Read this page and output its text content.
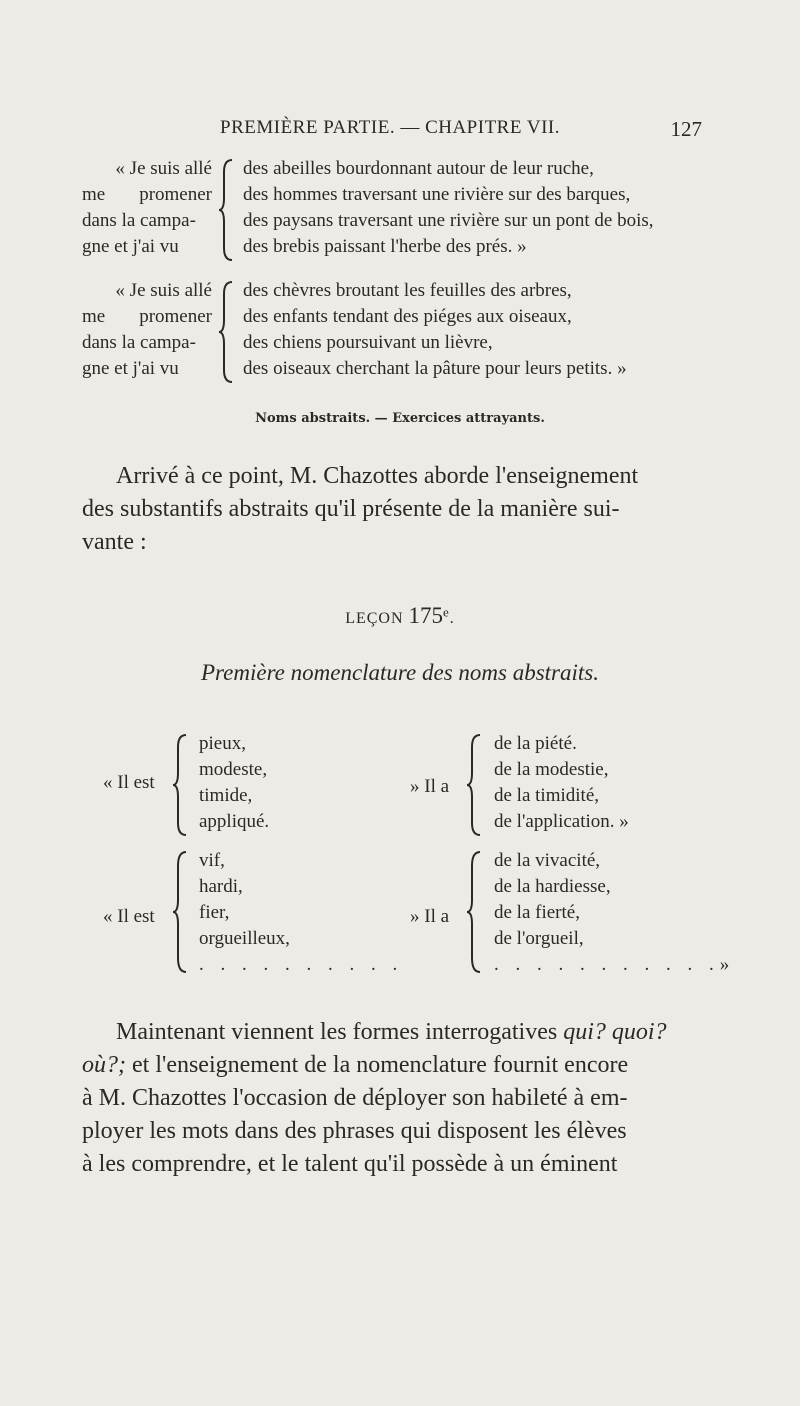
PREMIÈRE PARTIE. — CHAPITRE VII.	127
« Je suis allé
me promener
dans la campa-
gne et j'ai vu
des abeilles bourdonnant autour de leur ruche,
des hommes traversant une rivière sur des barques,
des paysans traversant une rivière sur un pont de bois,
des brebis paissant l'herbe des prés. »
« Je suis allé
me promener
dans la campa-
gne et j'ai vu
des chèvres broutant les feuilles des arbres,
des enfants tendant des piéges aux oiseaux,
des chiens poursuivant un lièvre,
des oiseaux cherchant la pâture pour leurs petits. »
Noms abstraits. — Exercices attrayants.
Arrivé à ce point, M. Chazottes aborde l'enseignement
des substantifs abstraits qu'il présente de la manière sui-
vante :
LEÇON 175e.
Première nomenclature des noms abstraits.
« Il est
pieux,
modeste,
timide,
appliqué.
» Il a
de la piété.
de la modestie,
de la timidité,
de l'application. »
« Il est
vif,
hardi,
fier,
orgueilleux,
. . . . . . . . . .
» Il a
de la vivacité,
de la hardiesse,
de la fierté,
de l'orgueil,
. . . . . . . . . . .»
Maintenant viennent les formes interrogatives qui? quoi?
où?; et l'enseignement de la nomenclature fournit encore
à M. Chazottes l'occasion de déployer son habileté à em-
ployer les mots dans des phrases qui disposent les élèves
à les comprendre, et le talent qu'il possède à un éminent
